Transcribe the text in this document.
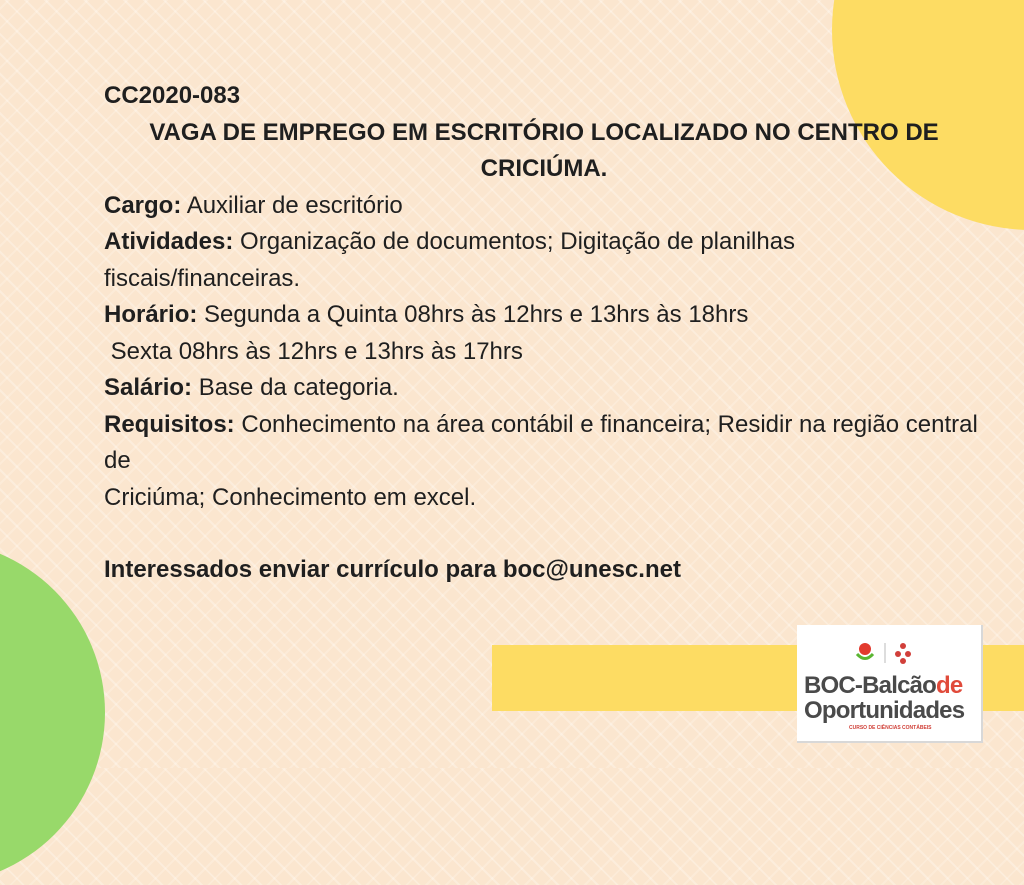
CC2020-083

VAGA DE EMPREGO EM ESCRITÓRIO LOCALIZADO NO CENTRO DE CRICIÚMA.

Cargo: Auxiliar de escritório

Atividades: Organização de documentos; Digitação de planilhas fiscais/financeiras.

Horário: Segunda a Quinta 08hrs às 12hrs e 13hrs às 18hrs

Sexta 08hrs às 12hrs e 13hrs às 17hrs

Salário: Base da categoria.

Requisitos: Conhecimento na área contábil e financeira; Residir na região central de

Criciúma; Conhecimento em excel.

Interessados enviar currículo para boc@unesc.net

BOC-Balcãode
Oportunidades
CURSO DE CIÊNCIAS CONTÁBEIS
